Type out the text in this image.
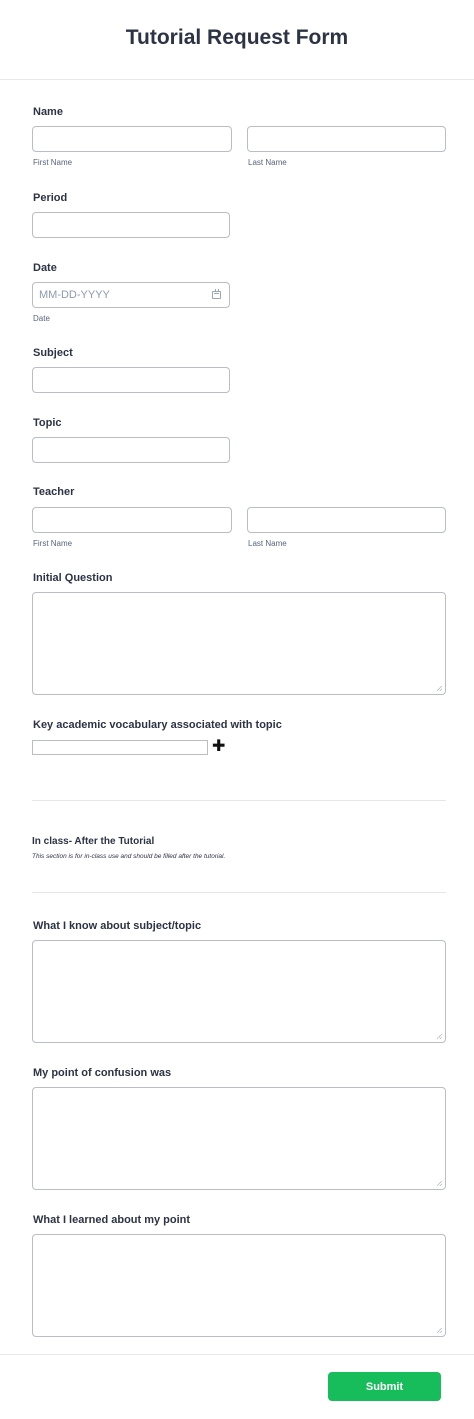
Tutorial Request Form
Name
First Name	Last Name
Period
Date
MM-DD-YYYY
Date
Subject
Topic
Teacher
First Name	Last Name
Initial Question
Key academic vocabulary associated with topic
✚
In class- After the Tutorial
This section is for in-class use and should be filled after the tutorial.
What I know about subject/topic
My point of confusion was
What I learned about my point
Submit
